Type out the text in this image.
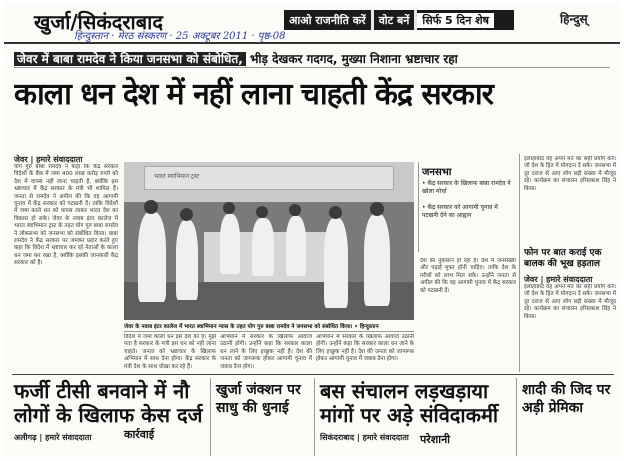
खुर्जा/सिकंदराबाद	आओ राजनीति करें	वोट बनें	सिर्फ 5 दिन शेष	हिन्दुस्
हिन्दुस्तान · मेरठ संस्करण · 25 अक्टूबर 2011 · पृष्ठ-08
जेवर में बाबा रामदेव ने किया जनसभा को संबोधित, भीड़ देखकर गदगद, मुख्या निशाना भ्रष्टाचार रहा
काला धन देश में नहीं लाना चाहती केंद्र सरकार
जेवर | हमारे संवाददाता
योग गुरु बाबा रामदेव ने कहा कि केंद्र सरकार विदेशों के बैंक में जमा 400 लाख करोड़ रुपये को देश में वापस नहीं लाना चाहती है, क्योंकि इस भ्रष्टाचार में केंद्र सरकार के मंत्री भी शामिल हैं। जनता से रामदेव ने अपील की कि वह आगामी चुनाव में केंद्र सरकार को पटखनी दें। ताकि विदेशों में जमा काले धन को वापस लाकर भारत देश का विकास हो सके। जेवर के नवाब इंटर कालेज में भारत स्वाभिमान ट्रस्ट के तहत योग गुरु बाबा रामदेव ने लोकसभा को जनसभा को संबोधित किया। बाबा रामदेव ने केंद्र सरकार पर जमकर प्रहार करते हुए कहा कि विदेश में भ्रष्टाचार कर रहे नेताओं के काला धन जमा कर रखा है, क्योंकि इसकी जानकारी केंद्र सरकार को है।
भारत स्वाभिमान ट्रस्ट
जेवर के नवाब इंटर कालेज में भारत स्वाभिमान न्यास के तहत योग गुरु बाबा रामदेव ने जनसभा को संबोधित किया। • हिन्दुस्तान
विदेश में जमा काला धन इस देश का है। मुझे पता है सरकार के मंत्री इस धन को नहीं लाना चाहते। जनता को भ्रष्टाचार के खिलाफ अभियान में साथ देना होगा। केंद्र सरकार के मंत्री देश के साथ धोखा कर रहे हैं।
अभियान में सरकार के खिलाफ आवाज उठानी होगी। उन्होंने कहा कि सरकार काला धन लाने के लिए इच्छुक नहीं है। देश की जनता को जागरूक होकर आगामी चुनाव में जवाब देना होगा।
अभियान में सरकार के खिलाफ आवाज उठानी होगी। उन्होंने कहा कि सरकार काला धन लाने के लिए इच्छुक नहीं है। देश की जनता को जागरूक होकर आगामी चुनाव में जवाब देना होगा।
जनसभा
• केंद्र सरकार के खिलाफ बाबा रामदेव ने खोला मोर्चा
• केंद्र सरकार को आगामी चुनाव में पटखनी देने का आह्वान
देश का नुकसान हो रहा है। देश में जनसंख्या और पढ़ाई मुफ्त होनी चाहिए। ताकि देश के गरीबों को लाभ मिल सके। उन्होंने जनता से अपील की कि वह आगामी चुनाव में केंद्र सरकार को पटखनी दें।
इलाहाबाद वह अपने मत का सही प्रयोग करें। जो देश के हित में योगदान दे सके। जनसभा में दूर दराज से आए लोग बड़ी संख्या में मौजूद रहे। कार्यक्रम का संचालन हरिप्रकाश सिंह ने किया।
फोन पर बात कराई एक बालक की भूख हड़ताल
जेवर | हमारे संवाददाता
इलाहाबाद वह अपने मत का सही प्रयोग करें। जो देश के हित में योगदान दे सके। जनसभा में दूर दराज से आए लोग बड़ी संख्या में मौजूद रहे। कार्यक्रम का संचालन हरिप्रकाश सिंह ने किया।
फर्जी टीसी बनवाने में नौ
लोगों के खिलाफ केस दर्ज
अलीगढ़ | हमारे संवाददाता	कार्रवाई
खुर्जा जंक्शन पर
साधु की धुनाई
बस संचालन लड़खड़ाया
मांगों पर अड़े संविदाकर्मी
सिकंदराबाद | हमारे संवाददाता परेशानी
शादी की जिद पर
अड़ी प्रेमिका
